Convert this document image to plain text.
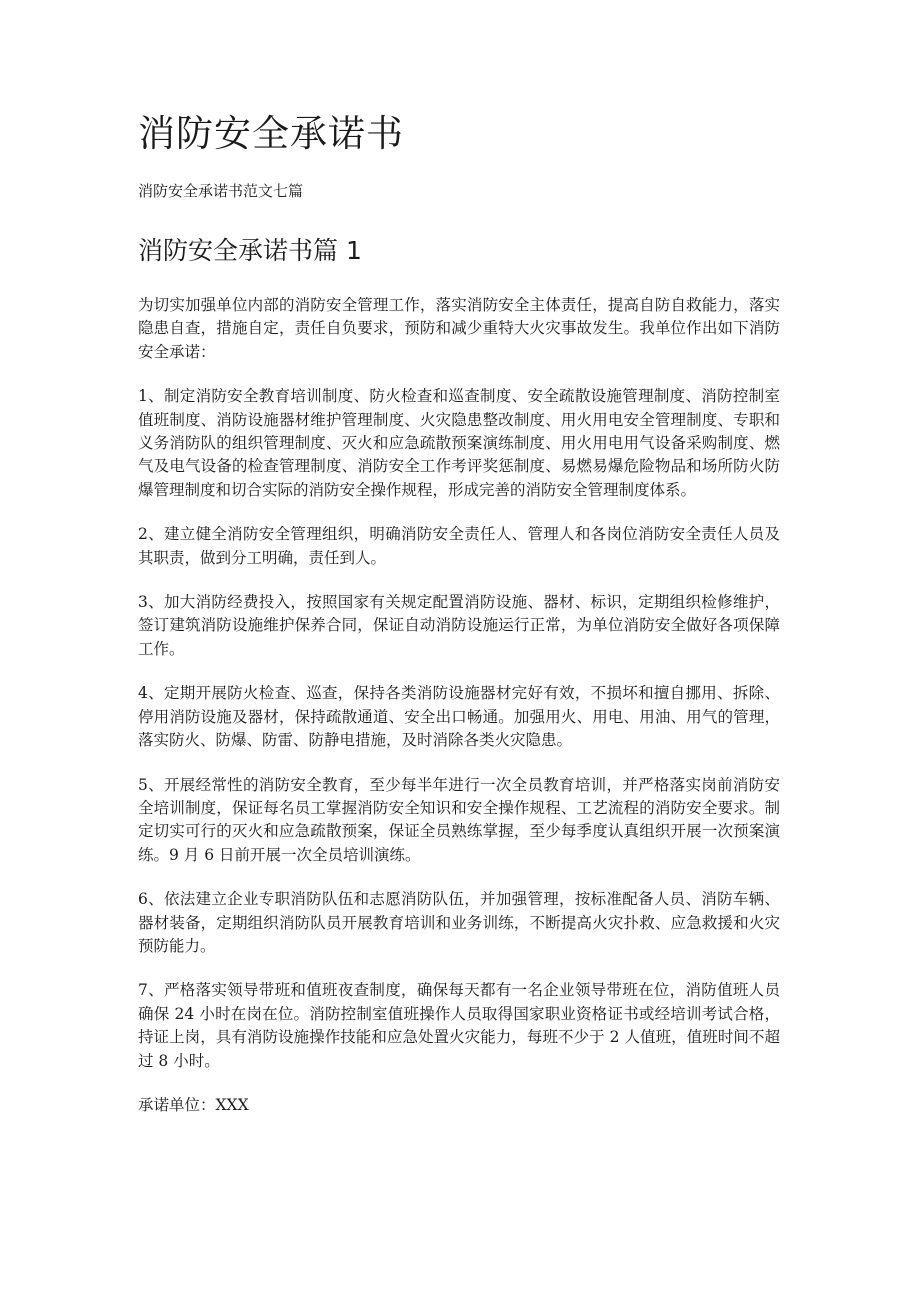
消防安全承诺书

消防安全承诺书范文七篇

消防安全承诺书篇 1

为切实加强单位内部的消防安全管理工作，落实消防安全主体责任，提高自防自救能力，落实隐患自查，措施自定，责任自负要求，预防和减少重特大火灾事故发生。我单位作出如下消防安全承诺：

1、制定消防安全教育培训制度、防火检查和巡查制度、安全疏散设施管理制度、消防控制室值班制度、消防设施器材维护管理制度、火灾隐患整改制度、用火用电安全管理制度、专职和义务消防队的组织管理制度、灭火和应急疏散预案演练制度、用火用电用气设备采购制度、燃气及电气设备的检查管理制度、消防安全工作考评奖惩制度、易燃易爆危险物品和场所防火防爆管理制度和切合实际的消防安全操作规程，形成完善的消防安全管理制度体系。

2、建立健全消防安全管理组织，明确消防安全责任人、管理人和各岗位消防安全责任人员及其职责，做到分工明确，责任到人。

3、加大消防经费投入，按照国家有关规定配置消防设施、器材、标识，定期组织检修维护，签订建筑消防设施维护保养合同，保证自动消防设施运行正常，为单位消防安全做好各项保障工作。

4、定期开展防火检查、巡查，保持各类消防设施器材完好有效，不损坏和擅自挪用、拆除、停用消防设施及器材，保持疏散通道、安全出口畅通。加强用火、用电、用油、用气的管理，落实防火、防爆、防雷、防静电措施，及时消除各类火灾隐患。

5、开展经常性的消防安全教育，至少每半年进行一次全员教育培训，并严格落实岗前消防安全培训制度，保证每名员工掌握消防安全知识和安全操作规程、工艺流程的消防安全要求。制定切实可行的灭火和应急疏散预案，保证全员熟练掌握，至少每季度认真组织开展一次预案演练。9 月 6 日前开展一次全员培训演练。

6、依法建立企业专职消防队伍和志愿消防队伍，并加强管理，按标准配备人员、消防车辆、器材装备，定期组织消防队员开展教育培训和业务训练，不断提高火灾扑救、应急救援和火灾预防能力。

7、严格落实领导带班和值班夜查制度，确保每天都有一名企业领导带班在位，消防值班人员确保 24 小时在岗在位。消防控制室值班操作人员取得国家职业资格证书或经培训考试合格，持证上岗，具有消防设施操作技能和应急处置火灾能力，每班不少于 2 人值班，值班时间不超过 8 小时。

承诺单位：XXX
